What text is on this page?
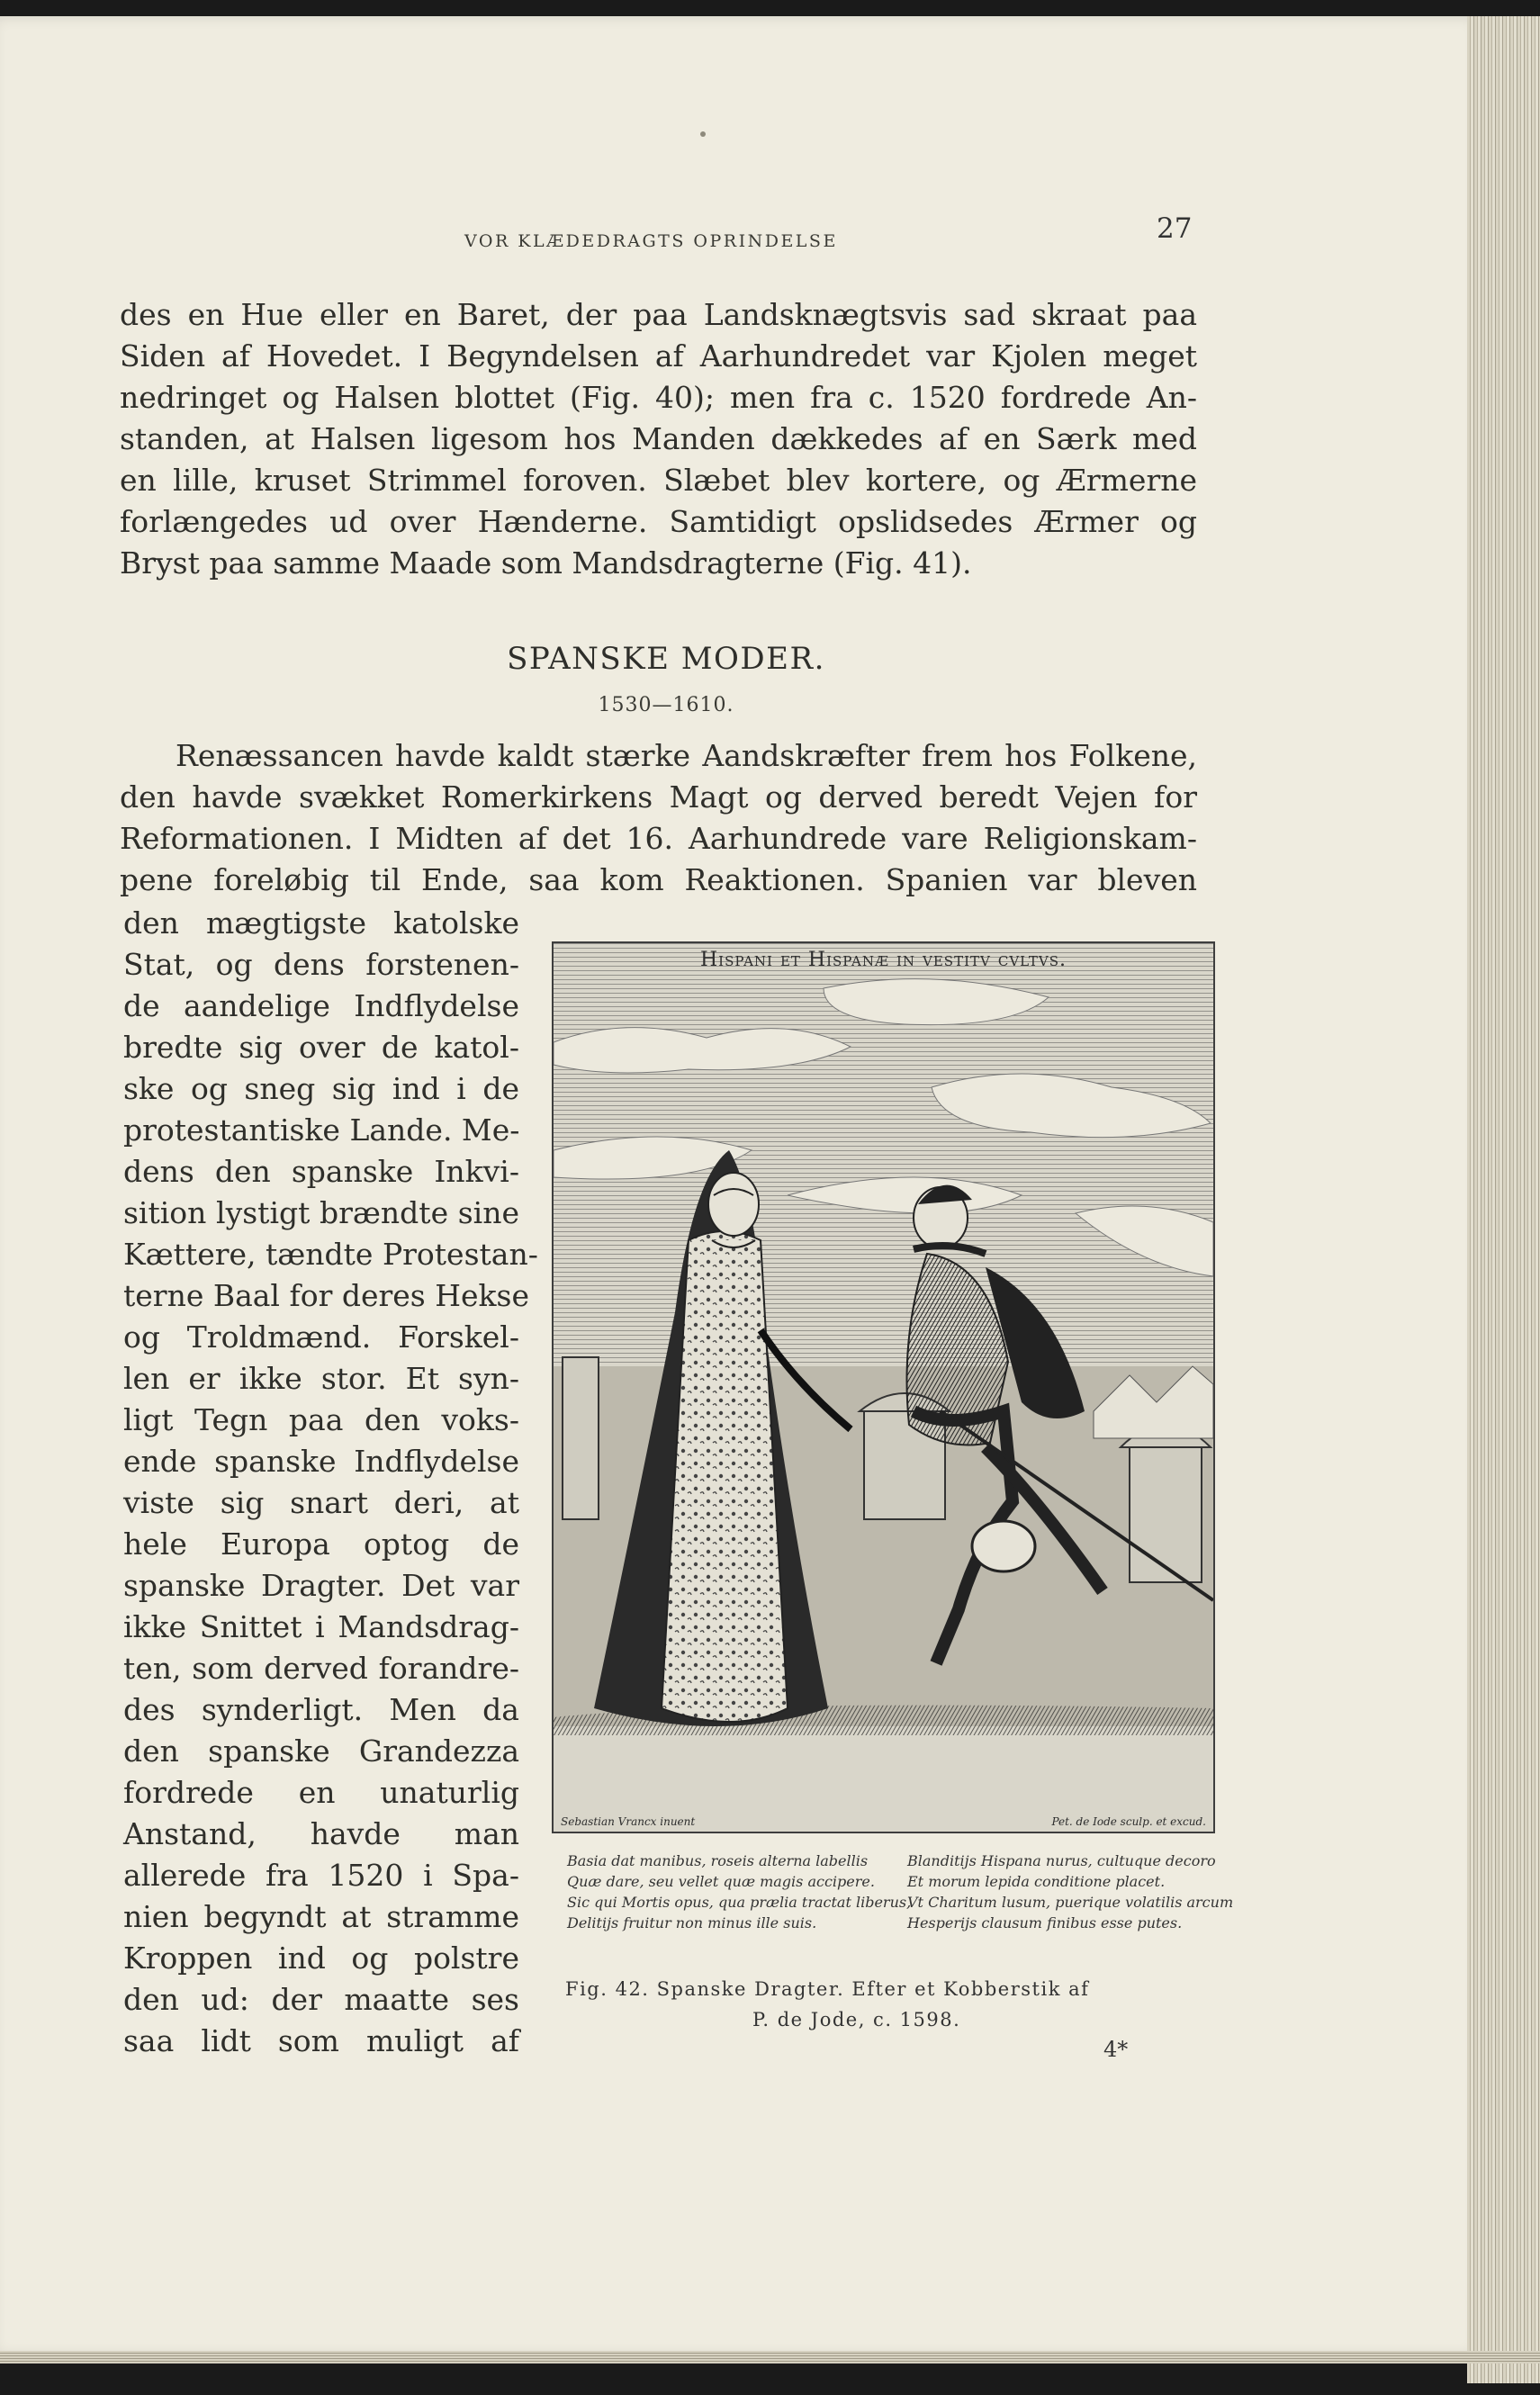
VOR KLÆDEDRAGTS OPRINDELSE	27
des en Hue eller en Baret, der paa Landsknægtsvis sad skraat paa
Siden af Hovedet. I Begyndelsen af Aarhundredet var Kjolen meget
nedringet og Halsen blottet (Fig. 40); men fra c. 1520 fordrede An-
standen, at Halsen ligesom hos Manden dækkedes af en Særk med
en lille, kruset Strimmel foroven. Slæbet blev kortere, og Ærmerne
forlængedes ud over Hænderne. Samtidigt opslidsedes Ærmer og
Bryst paa samme Maade som Mandsdragterne (Fig. 41).
SPANSKE MODER.
1530—1610.
Renæssancen havde kaldt stærke Aandskræfter frem hos Folkene,
den havde svækket Romerkirkens Magt og derved beredt Vejen for
Reformationen. I Midten af det 16. Aarhundrede vare Religionskam-
pene foreløbig til Ende, saa kom Reaktionen. Spanien var bleven
den mægtigste katolske
Stat, og dens forstenen-
de aandelige Indflydelse
bredte sig over de katol-
ske og sneg sig ind i de
protestantiske Lande. Me-
dens den spanske Inkvi-
sition lystigt brændte sine
Kættere, tændte Protestan-
terne Baal for deres Hekse
og Troldmænd. Forskel-
len er ikke stor. Et syn-
ligt Tegn paa den voks-
ende spanske Indflydelse
viste sig snart deri, at
hele Europa optog de
spanske Dragter. Det var
ikke Snittet i Mandsdrag-
ten, som derved forandre-
des synderligt. Men da
den spanske Grandezza
fordrede en unaturlig
Anstand, havde man
allerede fra 1520 i Spa-
nien begyndt at stramme
Kroppen ind og polstre
den ud: der maatte ses
saa lidt som muligt af
Hispani et Hispanæ in vestitv cvltvs.
Sebastian Vrancx inuent	Pet. de Iode sculp. et excud.
Basia dat manibus, roseis alterna labellis
Quæ dare, seu vellet quæ magis accipere.
Sic qui Mortis opus, qua prælia tractat liberus,
Delitijs fruitur non minus ille suis.
Blanditijs Hispana nurus, cultuque decoro
Et morum lepida conditione placet.
Vt Charitum lusum, puerique volatilis arcum
Hesperijs clausum finibus esse putes.
Fig. 42. Spanske Dragter. Efter et Kobberstik af
P. de Jode, c. 1598.
4*
